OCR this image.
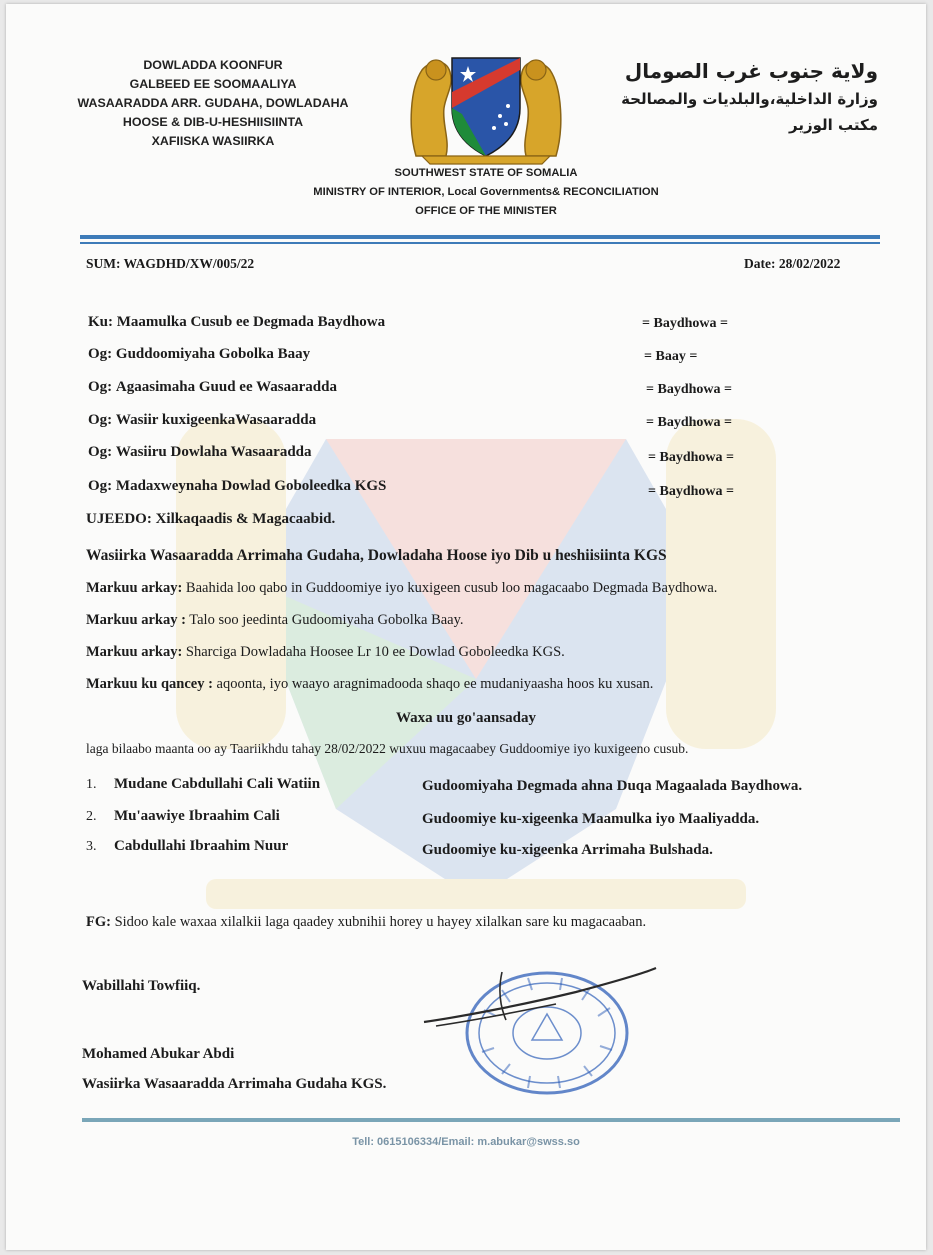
DOWLADDA KOONFUR
GALBEED EE SOOMAALIYA
WASAARADDA ARR. GUDAHA, DOWLADAHA
HOOSE & DIB-U-HESHIISIINTA
XAFIISKA WASIIRKA
ولاية جنوب غرب الصومال
وزارة الداخلية،والبلديات والمصالحة
مكتب الوزير
SOUTHWEST STATE OF SOMALIA
MINISTRY OF INTERIOR, Local Governments& RECONCILIATION
OFFICE OF THE MINISTER
SUM: WAGDHD/XW/005/22	Date: 28/02/2022
Ku: Maamulka Cusub ee Degmada Baydhowa	= Baydhowa =
Og: Guddoomiyaha Gobolka Baay	= Baay =
Og: Agaasimaha Guud ee Wasaaradda	= Baydhowa =
Og: Wasiir kuxigeenkaWasaaradda	= Baydhowa =
Og: Wasiiru Dowlaha Wasaaradda	= Baydhowa =
Og: Madaxweynaha Dowlad Goboleedka KGS	= Baydhowa =
UJEEDO: Xilkaqaadis & Magacaabid.
Wasiirka Wasaaradda Arrimaha Gudaha, Dowladaha Hoose iyo Dib u heshiisiinta KGS
Markuu arkay: Baahida loo qabo in Guddoomiye iyo kuxigeen cusub loo magacaabo Degmada Baydhowa.
Markuu arkay : Talo soo jeedinta Gudoomiyaha Gobolka Baay.
Markuu arkay: Sharciga Dowladaha Hoosee Lr 10 ee Dowlad Goboleedka KGS.
Markuu ku qancey : aqoonta, iyo waayo aragnimadooda shaqo ee mudaniyaasha hoos ku xusan.
Waxa uu go'aansaday
laga bilaabo maanta oo ay Taariikhdu tahay 28/02/2022 wuxuu magacaabey Guddoomiye iyo kuxigeeno cusub.
1. Mudane Cabdullahi Cali Watiin	Gudoomiyaha Degmada ahna Duqa Magaalada Baydhowa.
2. Mu'aawiye Ibraahim Cali	Gudoomiye ku-xigeenka Maamulka iyo Maaliyadda.
3. Cabdullahi Ibraahim Nuur	Gudoomiye ku-xigeenka Arrimaha Bulshada.
FG: Sidoo kale waxaa xilalkii laga qaadey xubnihii horey u hayey xilalkan sare ku magacaaban.
Wabillahi Towfiiq.
Mohamed Abukar Abdi
Wasiirka Wasaaradda Arrimaha Gudaha KGS.
Tell: 0615106334/Email: m.abukar@swss.so
